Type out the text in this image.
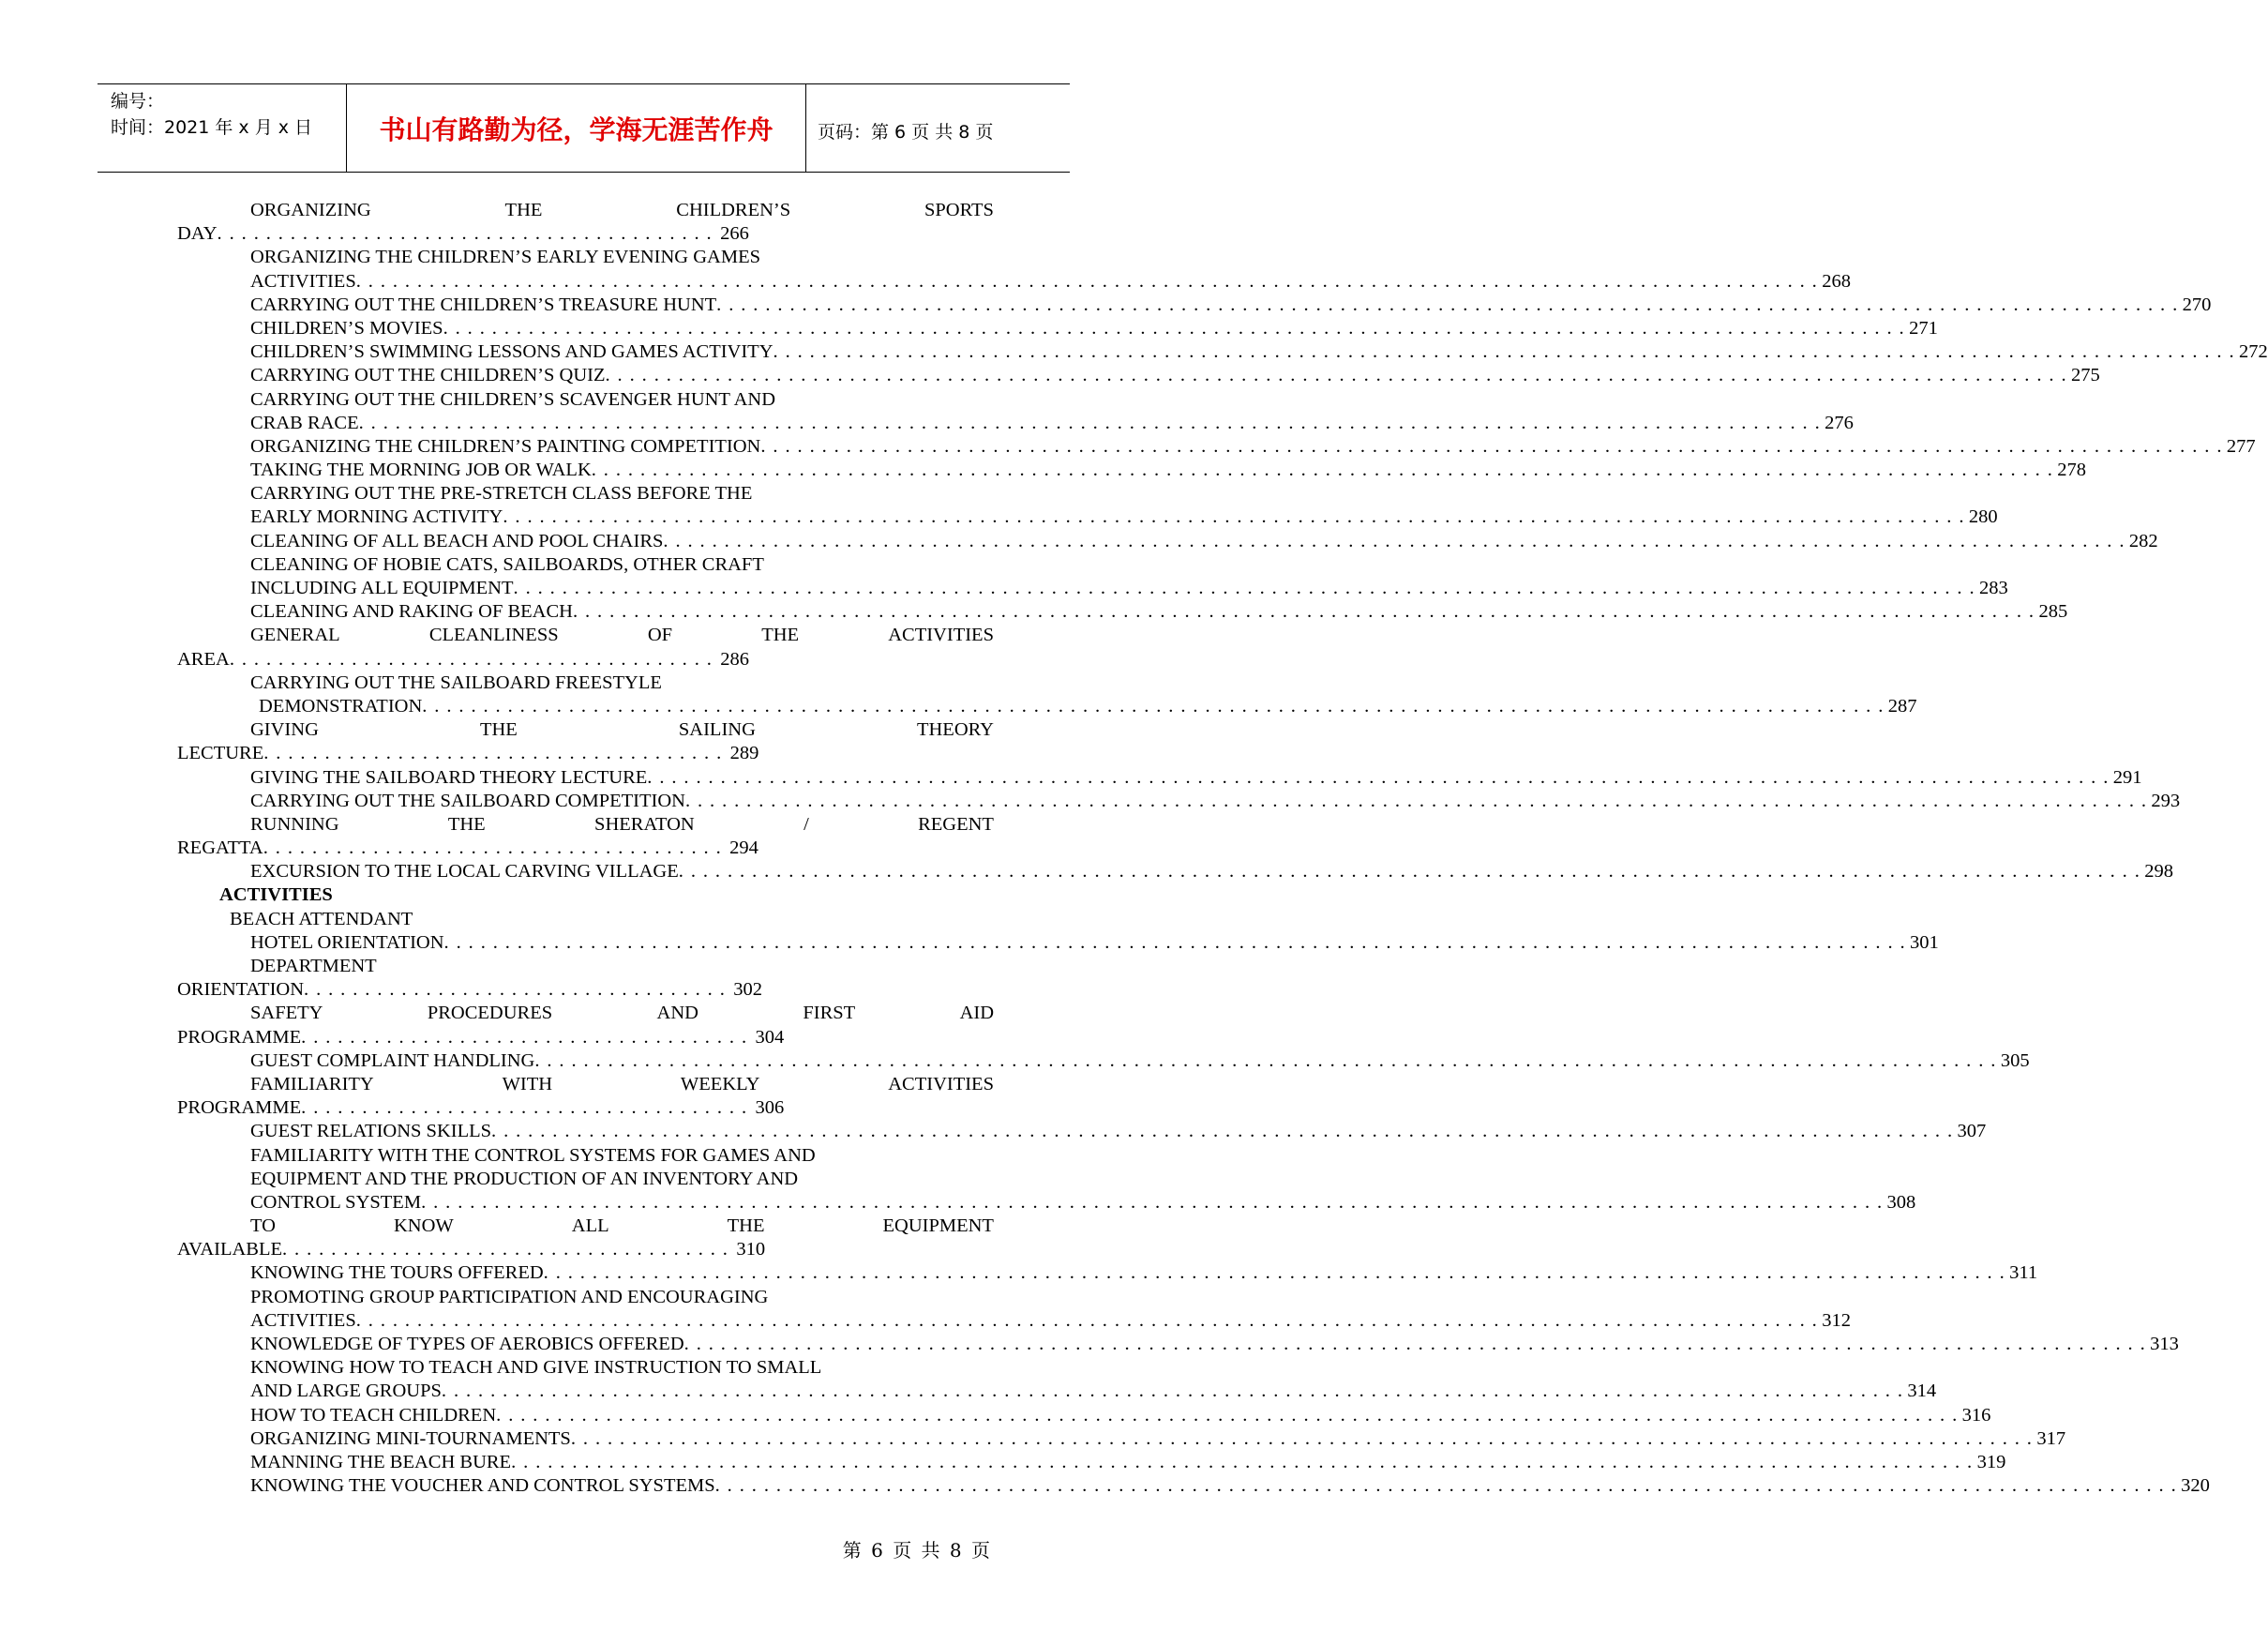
编号：
时间：2021 年 x 月 x 日	书山有路勤为径，学海无涯苦作舟	页码：第 6 页 共 8 页
ORGANIZING	THE	CHILDREN’S	SPORTS
DAY. . . . . . . . . . . . . . . . . . . . . . . . . . . . . . . . . . . . . . . . . 266
ORGANIZING THE CHILDREN’S EARLY EVENING GAMES
ACTIVITIES . . . . . . . . . . . . . . . . . . . . . . . . . . . . . . . . . . . . . . . . . . . . . . . . . . . . . . . . . . . . . . . . . . . . . . . . . . . . . . . . . . . . . . . . . . . . . . . . . . . . . . . . . . . . . . . . . . . . . . . . 268
CARRYING OUT THE CHILDREN’S TREASURE HUNT . . . . . . . . . . . . . . . . . . . . . . . . . . . . . . . . . . . . . . . . . . . . . . . . . . . . . . . . . . . . . . . . . . . . . . . . . . . . . . . . . . . . . . . . . . . . . . . . . . . . . . . . . . . . . . . . . . . . . . . . 270
CHILDREN’S MOVIES . . . . . . . . . . . . . . . . . . . . . . . . . . . . . . . . . . . . . . . . . . . . . . . . . . . . . . . . . . . . . . . . . . . . . . . . . . . . . . . . . . . . . . . . . . . . . . . . . . . . . . . . . . . . . . . . . . . . . . . . 271
CHILDREN’S SWIMMING LESSONS AND GAMES ACTIVITY . . . . . . . . . . . . . . . . . . . . . . . . . . . . . . . . . . . . . . . . . . . . . . . . . . . . . . . . . . . . . . . . . . . . . . . . . . . . . . . . . . . . . . . . . . . . . . . . . . . . . . . . . . . . . . . . . . . . . . . . 272
CARRYING OUT THE CHILDREN’S QUIZ . . . . . . . . . . . . . . . . . . . . . . . . . . . . . . . . . . . . . . . . . . . . . . . . . . . . . . . . . . . . . . . . . . . . . . . . . . . . . . . . . . . . . . . . . . . . . . . . . . . . . . . . . . . . . . . . . . . . . . . . 275
CARRYING OUT THE CHILDREN’S SCAVENGER HUNT AND
CRAB RACE . . . . . . . . . . . . . . . . . . . . . . . . . . . . . . . . . . . . . . . . . . . . . . . . . . . . . . . . . . . . . . . . . . . . . . . . . . . . . . . . . . . . . . . . . . . . . . . . . . . . . . . . . . . . . . . . . . . . . . . . 276
ORGANIZING THE CHILDREN’S PAINTING COMPETITION . . . . . . . . . . . . . . . . . . . . . . . . . . . . . . . . . . . . . . . . . . . . . . . . . . . . . . . . . . . . . . . . . . . . . . . . . . . . . . . . . . . . . . . . . . . . . . . . . . . . . . . . . . . . . . . . . . . . . . . . 277
TAKING THE MORNING JOB OR WALK . . . . . . . . . . . . . . . . . . . . . . . . . . . . . . . . . . . . . . . . . . . . . . . . . . . . . . . . . . . . . . . . . . . . . . . . . . . . . . . . . . . . . . . . . . . . . . . . . . . . . . . . . . . . . . . . . . . . . . . . 278
CARRYING OUT THE PRE-STRETCH CLASS BEFORE THE
EARLY MORNING ACTIVITY . . . . . . . . . . . . . . . . . . . . . . . . . . . . . . . . . . . . . . . . . . . . . . . . . . . . . . . . . . . . . . . . . . . . . . . . . . . . . . . . . . . . . . . . . . . . . . . . . . . . . . . . . . . . . . . . . . . . . . . . 280
CLEANING OF ALL BEACH AND POOL CHAIRS . . . . . . . . . . . . . . . . . . . . . . . . . . . . . . . . . . . . . . . . . . . . . . . . . . . . . . . . . . . . . . . . . . . . . . . . . . . . . . . . . . . . . . . . . . . . . . . . . . . . . . . . . . . . . . . . . . . . . . . . 282
CLEANING OF HOBIE CATS, SAILBOARDS, OTHER CRAFT
INCLUDING ALL EQUIPMENT . . . . . . . . . . . . . . . . . . . . . . . . . . . . . . . . . . . . . . . . . . . . . . . . . . . . . . . . . . . . . . . . . . . . . . . . . . . . . . . . . . . . . . . . . . . . . . . . . . . . . . . . . . . . . . . . . . . . . . . . 283
CLEANING AND RAKING OF BEACH . . . . . . . . . . . . . . . . . . . . . . . . . . . . . . . . . . . . . . . . . . . . . . . . . . . . . . . . . . . . . . . . . . . . . . . . . . . . . . . . . . . . . . . . . . . . . . . . . . . . . . . . . . . . . . . . . . . . . . . . 285
GENERAL	CLEANLINESS	OF	THE	ACTIVITIES
AREA. . . . . . . . . . . . . . . . . . . . . . . . . . . . . . . . . . . . . . . . 286
CARRYING OUT THE SAILBOARD FREESTYLE
DEMONSTRATION . . . . . . . . . . . . . . . . . . . . . . . . . . . . . . . . . . . . . . . . . . . . . . . . . . . . . . . . . . . . . . . . . . . . . . . . . . . . . . . . . . . . . . . . . . . . . . . . . . . . . . . . . . . . . . . . . . . . . . . . 287
GIVING	THE	SAILING	THEORY
LECTURE. . . . . . . . . . . . . . . . . . . . . . . . . . . . . . . . . . . . . . 289
GIVING THE SAILBOARD THEORY LECTURE . . . . . . . . . . . . . . . . . . . . . . . . . . . . . . . . . . . . . . . . . . . . . . . . . . . . . . . . . . . . . . . . . . . . . . . . . . . . . . . . . . . . . . . . . . . . . . . . . . . . . . . . . . . . . . . . . . . . . . . . 291
CARRYING OUT THE SAILBOARD COMPETITION . . . . . . . . . . . . . . . . . . . . . . . . . . . . . . . . . . . . . . . . . . . . . . . . . . . . . . . . . . . . . . . . . . . . . . . . . . . . . . . . . . . . . . . . . . . . . . . . . . . . . . . . . . . . . . . . . . . . . . . . 293
RUNNING	THE	SHERATON	/	REGENT
REGATTA. . . . . . . . . . . . . . . . . . . . . . . . . . . . . . . . . . . . . . 294
EXCURSION TO THE LOCAL CARVING VILLAGE . . . . . . . . . . . . . . . . . . . . . . . . . . . . . . . . . . . . . . . . . . . . . . . . . . . . . . . . . . . . . . . . . . . . . . . . . . . . . . . . . . . . . . . . . . . . . . . . . . . . . . . . . . . . . . . . . . . . . . . . 298
ACTIVITIES
BEACH ATTENDANT
HOTEL ORIENTATION . . . . . . . . . . . . . . . . . . . . . . . . . . . . . . . . . . . . . . . . . . . . . . . . . . . . . . . . . . . . . . . . . . . . . . . . . . . . . . . . . . . . . . . . . . . . . . . . . . . . . . . . . . . . . . . . . . . . . . . . 301
DEPARTMENT
ORIENTATION. . . . . . . . . . . . . . . . . . . . . . . . . . . . . . . . . . . 302
SAFETY	PROCEDURES	AND	FIRST	AID
PROGRAMME. . . . . . . . . . . . . . . . . . . . . . . . . . . . . . . . . . . . . 304
GUEST COMPLAINT HANDLING . . . . . . . . . . . . . . . . . . . . . . . . . . . . . . . . . . . . . . . . . . . . . . . . . . . . . . . . . . . . . . . . . . . . . . . . . . . . . . . . . . . . . . . . . . . . . . . . . . . . . . . . . . . . . . . . . . . . . . . . 305
FAMILIARITY	WITH	WEEKLY	ACTIVITIES
PROGRAMME. . . . . . . . . . . . . . . . . . . . . . . . . . . . . . . . . . . . . 306
GUEST RELATIONS SKILLS . . . . . . . . . . . . . . . . . . . . . . . . . . . . . . . . . . . . . . . . . . . . . . . . . . . . . . . . . . . . . . . . . . . . . . . . . . . . . . . . . . . . . . . . . . . . . . . . . . . . . . . . . . . . . . . . . . . . . . . . 307
FAMILIARITY WITH THE CONTROL SYSTEMS FOR GAMES AND
EQUIPMENT AND THE PRODUCTION OF AN INVENTORY AND
CONTROL SYSTEM . . . . . . . . . . . . . . . . . . . . . . . . . . . . . . . . . . . . . . . . . . . . . . . . . . . . . . . . . . . . . . . . . . . . . . . . . . . . . . . . . . . . . . . . . . . . . . . . . . . . . . . . . . . . . . . . . . . . . . . . 308
TO	KNOW	ALL	THE	EQUIPMENT
AVAILABLE. . . . . . . . . . . . . . . . . . . . . . . . . . . . . . . . . . . . . 310
KNOWING THE TOURS OFFERED . . . . . . . . . . . . . . . . . . . . . . . . . . . . . . . . . . . . . . . . . . . . . . . . . . . . . . . . . . . . . . . . . . . . . . . . . . . . . . . . . . . . . . . . . . . . . . . . . . . . . . . . . . . . . . . . . . . . . . . . 311
PROMOTING GROUP PARTICIPATION AND ENCOURAGING
ACTIVITIES . . . . . . . . . . . . . . . . . . . . . . . . . . . . . . . . . . . . . . . . . . . . . . . . . . . . . . . . . . . . . . . . . . . . . . . . . . . . . . . . . . . . . . . . . . . . . . . . . . . . . . . . . . . . . . . . . . . . . . . . 312
KNOWLEDGE OF TYPES OF AEROBICS OFFERED . . . . . . . . . . . . . . . . . . . . . . . . . . . . . . . . . . . . . . . . . . . . . . . . . . . . . . . . . . . . . . . . . . . . . . . . . . . . . . . . . . . . . . . . . . . . . . . . . . . . . . . . . . . . . . . . . . . . . . . . 313
KNOWING HOW TO TEACH AND GIVE INSTRUCTION TO SMALL
AND LARGE GROUPS . . . . . . . . . . . . . . . . . . . . . . . . . . . . . . . . . . . . . . . . . . . . . . . . . . . . . . . . . . . . . . . . . . . . . . . . . . . . . . . . . . . . . . . . . . . . . . . . . . . . . . . . . . . . . . . . . . . . . . . . 314
HOW TO TEACH CHILDREN . . . . . . . . . . . . . . . . . . . . . . . . . . . . . . . . . . . . . . . . . . . . . . . . . . . . . . . . . . . . . . . . . . . . . . . . . . . . . . . . . . . . . . . . . . . . . . . . . . . . . . . . . . . . . . . . . . . . . . . . 316
ORGANIZING MINI-TOURNAMENTS . . . . . . . . . . . . . . . . . . . . . . . . . . . . . . . . . . . . . . . . . . . . . . . . . . . . . . . . . . . . . . . . . . . . . . . . . . . . . . . . . . . . . . . . . . . . . . . . . . . . . . . . . . . . . . . . . . . . . . . . 317
MANNING THE BEACH BURE . . . . . . . . . . . . . . . . . . . . . . . . . . . . . . . . . . . . . . . . . . . . . . . . . . . . . . . . . . . . . . . . . . . . . . . . . . . . . . . . . . . . . . . . . . . . . . . . . . . . . . . . . . . . . . . . . . . . . . . . 319
KNOWING THE VOUCHER AND CONTROL SYSTEMS . . . . . . . . . . . . . . . . . . . . . . . . . . . . . . . . . . . . . . . . . . . . . . . . . . . . . . . . . . . . . . . . . . . . . . . . . . . . . . . . . . . . . . . . . . . . . . . . . . . . . . . . . . . . . . . . . . . . . . . . 320
第 6 页 共 8 页
